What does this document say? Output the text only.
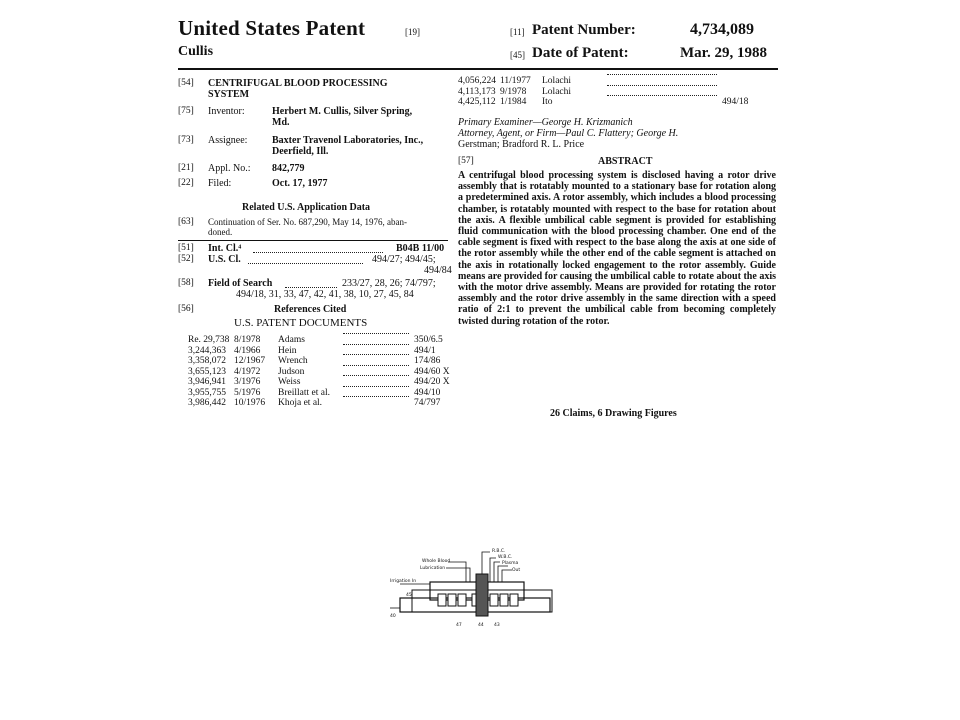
United States Patent	[19]
Cullis
[11] Patent Number:	4,734,089
[45] Date of Patent:	Mar. 29, 1988
[54] CENTRIFUGAL BLOOD PROCESSING
SYSTEM
[75] Inventor:	Herbert M. Cullis, Silver Spring,
Md.
[73] Assignee: Baxter Travenol Laboratories, Inc.,
Deerfield, Ill.
[21] Appl. No.: 842,779
[22] Filed:	Oct. 17, 1977
Related U.S. Application Data
[63] Continuation of Ser. No. 687,290, May 14, 1976, aban-
doned.
[51] Int. Cl.⁴	B04B 11/00
[52] U.S. Cl.	494/27; 494/45;
494/84
[58] Field of Search	233/27, 28, 26; 74/797;
494/18, 31, 33, 47, 42, 41, 38, 10, 27, 45, 84
[56]	References Cited
U.S. PATENT DOCUMENTS
Re. 29,738 8/1978 Adams	350/6.5
3,244,363 4/1966 Hein	494/1
3,358,072 12/1967 Wrench	174/86
3,655,123 4/1972 Judson	494/60 X
3,946,941 3/1976 Weiss	494/20 X
3,955,755 5/1976 Breillatt et al.	494/10
3,986,442 10/1976 Khoja et al.	74/797
4,056,224 11/1977 Lolachi
4,113,173 9/1978 Lolachi
4,425,112 1/1984 Ito	494/18
Primary Examiner—George H. Krizmanich
Attorney, Agent, or Firm—Paul C. Flattery; George H.
Gerstman; Bradford R. L. Price
[57]	ABSTRACT
A centrifugal blood processing system is disclosed having a rotor drive assembly that is rotatably mounted to a stationary base for rotation along a predetermined axis. A rotor assembly, which includes a blood processing chamber, is rotatably mounted with respect to the base for rotation about the axis. A flexible umbilical cable segment is provided for establishing fluid communication with the blood processing chamber. One end of the cable segment is fixed with respect to the base along the axis at one side of the rotor assembly while the other end of the cable segment is attached on the axis in rotationally locked engagement to the rotor assembly. Guide means are provided for causing the umbilical cable to rotate about the axis with the motor drive assembly. Means are provided for rotating the rotor assembly and the rotor drive assembly in the same direction with a speed ratio of 2:1 to prevent the umbilical cable from becoming completely twisted during rotation of the rotor.
26 Claims, 6 Drawing Figures
Whole Blood
Lubrication
Irrigation In
R.B.C.
W.B.C.
Plasma
Out
45
40
47	44 43
